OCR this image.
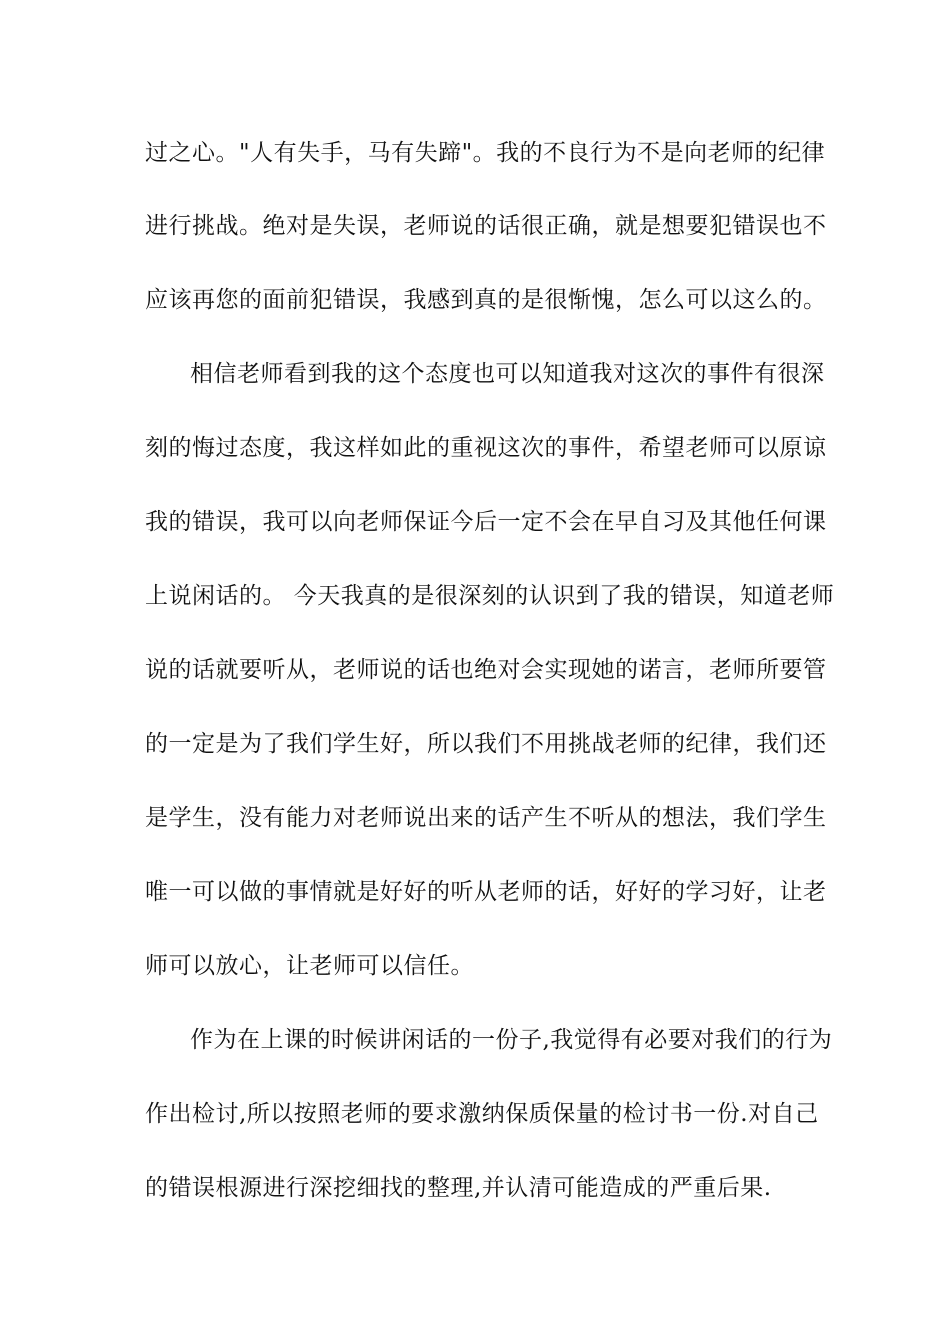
过之心。"人有失手，马有失蹄"。我的不良行为不是向老师的纪律
进行挑战。绝对是失误，老师说的话很正确，就是想要犯错误也不
应该再您的面前犯错误，我感到真的是很惭愧，怎么可以这么的。
相信老师看到我的这个态度也可以知道我对这次的事件有很深
刻的悔过态度，我这样如此的重视这次的事件，希望老师可以原谅
我的错误，我可以向老师保证今后一定不会在早自习及其他任何课
上说闲话的。 今天我真的是很深刻的认识到了我的错误，知道老师
说的话就要听从，老师说的话也绝对会实现她的诺言，老师所要管
的一定是为了我们学生好，所以我们不用挑战老师的纪律，我们还
是学生，没有能力对老师说出来的话产生不听从的想法，我们学生
唯一可以做的事情就是好好的听从老师的话，好好的学习好，让老
师可以放心，让老师可以信任。
作为在上课的时候讲闲话的一份子,我觉得有必要对我们的行为
作出检讨,所以按照老师的要求激纳保质保量的检讨书一份.对自己
的错误根源进行深挖细找的整理,并认清可能造成的严重后果.
